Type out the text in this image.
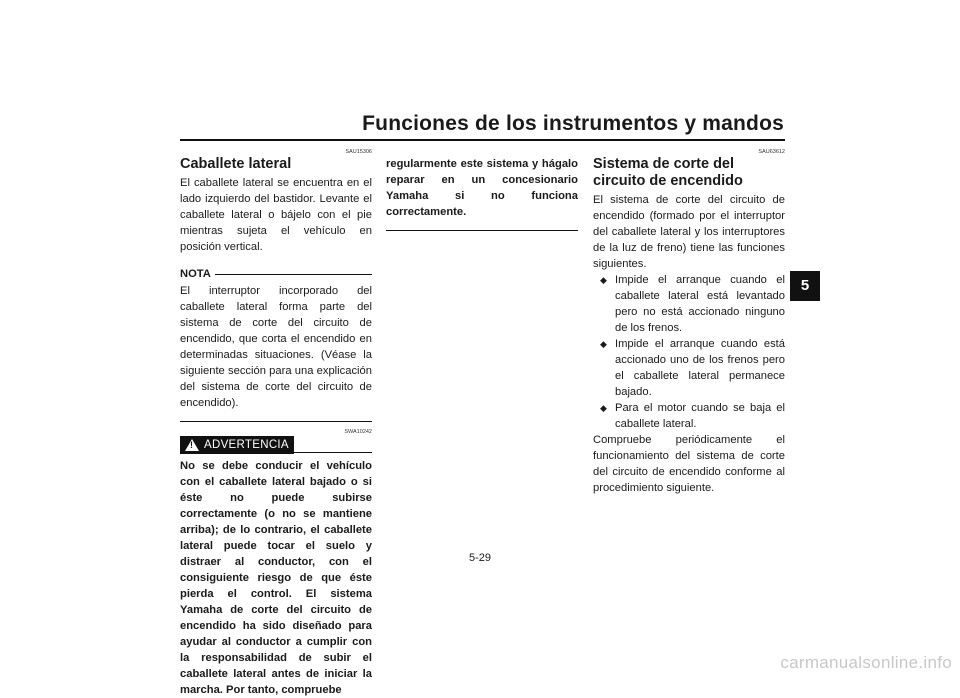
Funciones de los instrumentos y mandos
5
SAU15306
Caballete lateral

El caballete lateral se encuentra en el lado izquierdo del bastidor. Levante el caballete lateral o bájelo con el pie mientras sujeta el vehículo en posición vertical.

NOTA

El interruptor incorporado del caballete lateral forma parte del sistema de corte del circuito de encendido, que corta el encendido en determinadas situaciones. (Véase la siguiente sección para una explicación del sistema de corte del circuito de encendido).

SWA10242
! ADVERTENCIA

No se debe conducir el vehículo con el caballete lateral bajado o si éste no puede subirse correctamente (o no se mantiene arriba); de lo contrario, el caballete lateral puede tocar el suelo y distraer al conductor, con el consiguiente riesgo de que éste pierda el control. El sistema Yamaha de corte del circuito de encendido ha sido diseñado para ayudar al conductor a cumplir con la responsabilidad de subir el caballete lateral antes de iniciar la marcha. Por tanto, compruebe

regularmente este sistema y hágalo reparar en un concesionario Yamaha si no funciona correctamente.

SAU63612
Sistema de corte del circuito de encendido

El sistema de corte del circuito de encendido (formado por el interruptor del caballete lateral y los interruptores de la luz de freno) tiene las funciones siguientes.

◆ Impide el arranque cuando el caballete lateral está levantado pero no está accionado ninguno de los frenos.
◆ Impide el arranque cuando está accionado uno de los frenos pero el caballete lateral permanece bajado.
◆ Para el motor cuando se baja el caballete lateral.

Compruebe periódicamente el funcionamiento del sistema de corte del circuito de encendido conforme al procedimiento siguiente.

5-29
carmanualsonline.info
